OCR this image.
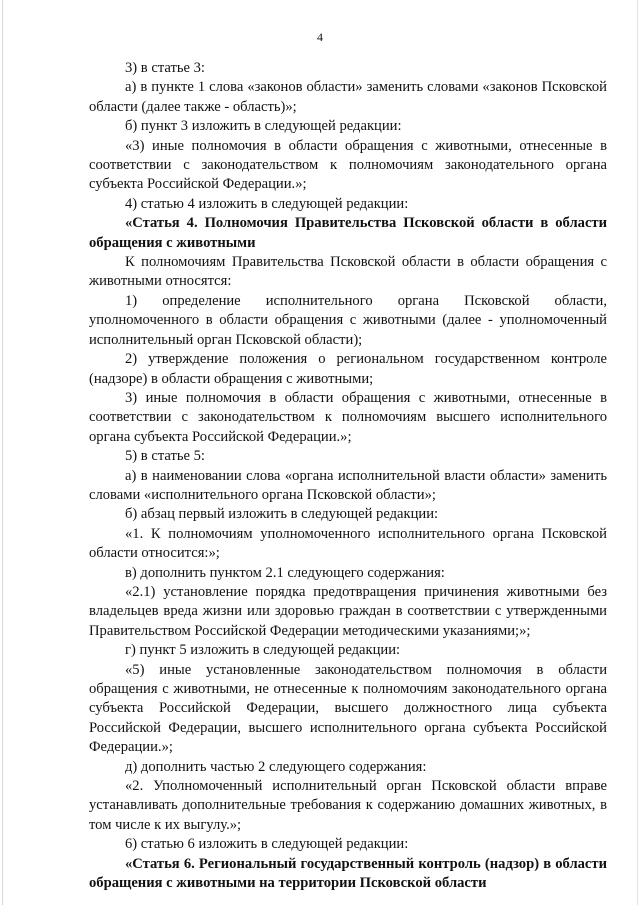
4

3) в статье 3:

а) в пункте 1 слова «законов области» заменить словами «законов Псковской области (далее также - область)»;

б) пункт 3 изложить в следующей редакции:

«3) иные полномочия в области обращения с животными, отнесенные в соответствии с законодательством к полномочиям законодательного органа субъекта Российской Федерации.»;

4) статью 4 изложить в следующей редакции:

«Статья 4. Полномочия Правительства Псковской области в области обращения с животными

К полномочиям Правительства Псковской области в области обращения с животными относятся:

1) определение исполнительного органа Псковской области, уполномоченного в области обращения с животными (далее - уполномоченный исполнительный орган Псковской области);

2) утверждение положения о региональном государственном контроле (надзоре) в области обращения с животными;

3) иные полномочия в области обращения с животными, отнесенные в соответствии с законодательством к полномочиям высшего исполнительного органа субъекта Российской Федерации.»;

5) в статье 5:

а) в наименовании слова «органа исполнительной власти области» заменить словами «исполнительного органа Псковской области»;

б) абзац первый изложить в следующей редакции:

«1. К полномочиям уполномоченного исполнительного органа Псковской области относится:»;

в) дополнить пунктом 2.1 следующего содержания:

«2.1) установление порядка предотвращения причинения животными без владельцев вреда жизни или здоровью граждан в соответствии с утвержденными Правительством Российской Федерации методическими указаниями;»;

г) пункт 5 изложить в следующей редакции:

«5) иные установленные законодательством полномочия в области обращения с животными, не отнесенные к полномочиям законодательного органа субъекта Российской Федерации, высшего должностного лица субъекта Российской Федерации, высшего исполнительного органа субъекта Российской Федерации.»;

д) дополнить частью 2 следующего содержания:

«2. Уполномоченный исполнительный орган Псковской области вправе устанавливать дополнительные требования к содержанию домашних животных, в том числе к их выгулу.»;

6) статью 6 изложить в следующей редакции:

«Статья 6. Региональный государственный контроль (надзор) в области обращения с животными на территории Псковской области
